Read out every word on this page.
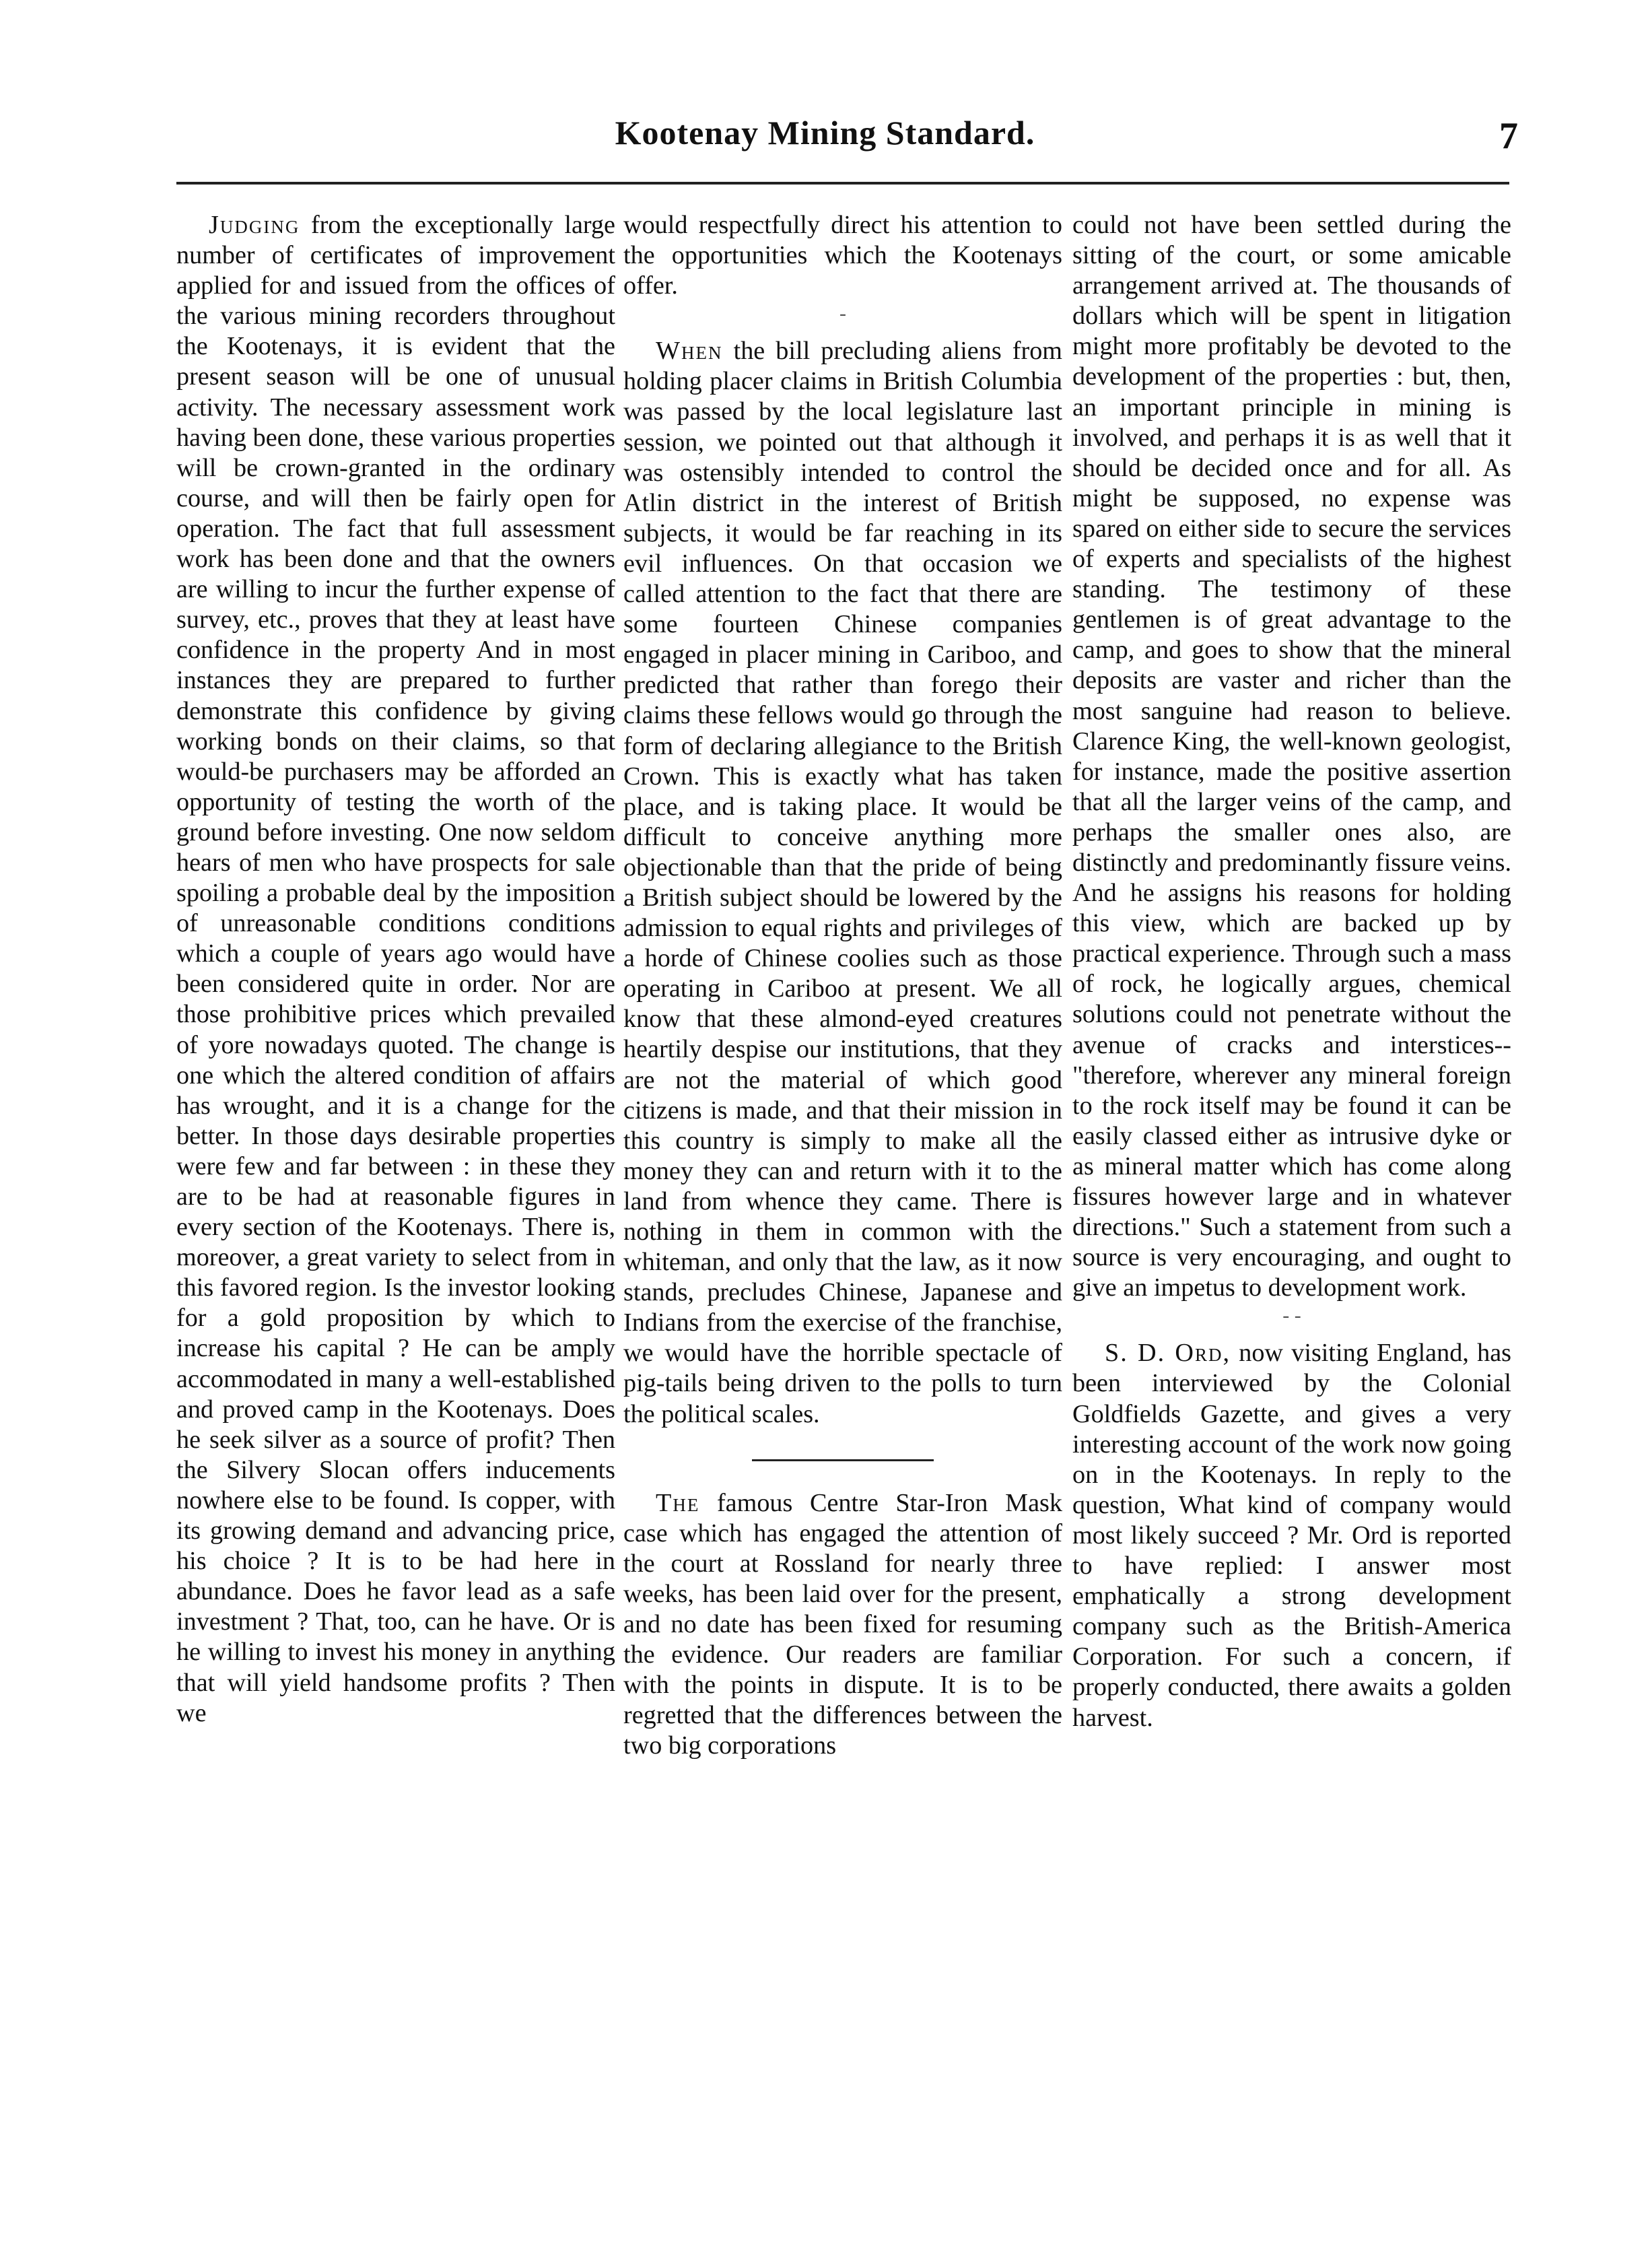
Kootenay Mining Standard.	7

Judging from the exceptionally large number of certificates of improvement applied for and issued from the offices of the various mining recorders throughout the Kootenays, it is evident that the present season will be one of unusual activity. The necessary assessment work having been done, these various properties will be crown-granted in the ordinary course, and will then be fairly open for operation. The fact that full assessment work has been done and that the owners are willing to incur the further expense of survey, etc., proves that they at least have confidence in the property And in most instances they are prepared to further demonstrate this confidence by giving working bonds on their claims, so that would-be purchasers may be afforded an opportunity of testing the worth of the ground before investing. One now seldom hears of men who have prospects for sale spoiling a probable deal by the imposition of unreasonable conditions conditions which a couple of years ago would have been considered quite in order. Nor are those prohibitive prices which prevailed of yore nowadays quoted. The change is one which the altered condition of affairs has wrought, and it is a change for the better. In those days desirable properties were few and far between : in these they are to be had at reasonable figures in every section of the Kootenays. There is, moreover, a great variety to select from in this favored region. Is the investor looking for a gold proposition by which to increase his capital ? He can be amply accommodated in many a well-established and proved camp in the Kootenays. Does he seek silver as a source of profit? Then the Silvery Slocan offers inducements nowhere else to be found. Is copper, with its growing demand and advancing price, his choice ? It is to be had here in abundance. Does he favor lead as a safe investment ? That, too, can he have. Or is he willing to invest his money in anything that will yield handsome profits ? Then we

would respectfully direct his attention to the opportunities which the Kootenays offer.

-

When the bill precluding aliens from holding placer claims in British Columbia was passed by the local legislature last session, we pointed out that although it was ostensibly intended to control the Atlin district in the interest of British subjects, it would be far reaching in its evil influences. On that occasion we called attention to the fact that there are some fourteen Chinese companies engaged in placer mining in Cariboo, and predicted that rather than forego their claims these fellows would go through the form of declaring allegiance to the British Crown. This is exactly what has taken place, and is taking place. It would be difficult to conceive anything more objectionable than that the pride of being a British subject should be lowered by the admission to equal rights and privileges of a horde of Chinese coolies such as those operating in Cariboo at present. We all know that these almond-eyed creatures heartily despise our institutions, that they are not the material of which good citizens is made, and that their mission in this country is simply to make all the money they can and return with it to the land from whence they came. There is nothing in them in common with the whiteman, and only that the law, as it now stands, precludes Chinese, Japanese and Indians from the exercise of the franchise, we would have the horrible spectacle of pig-tails being driven to the polls to turn the political scales.

The famous Centre Star-Iron Mask case which has engaged the attention of the court at Rossland for nearly three weeks, has been laid over for the present, and no date has been fixed for resuming the evidence. Our readers are familiar with the points in dispute. It is to be regretted that the differences between the two big corporations

could not have been settled during the sitting of the court, or some amicable arrangement arrived at. The thousands of dollars which will be spent in litigation might more profitably be devoted to the development of the properties : but, then, an important principle in mining is involved, and perhaps it is as well that it should be decided once and for all. As might be supposed, no expense was spared on either side to secure the services of experts and specialists of the highest standing. The testimony of these gentlemen is of great advantage to the camp, and goes to show that the mineral deposits are vaster and richer than the most sanguine had reason to believe. Clarence King, the well-known geologist, for instance, made the positive assertion that all the larger veins of the camp, and perhaps the smaller ones also, are distinctly and predominantly fissure veins. And he assigns his reasons for holding this view, which are backed up by practical experience. Through such a mass of rock, he logically argues, chemical solutions could not penetrate without the avenue of cracks and interstices-- "therefore, wherever any mineral foreign to the rock itself may be found it can be easily classed either as intrusive dyke or as mineral matter which has come along fissures however large and in whatever directions." Such a statement from such a source is very encouraging, and ought to give an impetus to development work.

- -

S. D. Ord, now visiting England, has been interviewed by the Colonial Goldfields Gazette, and gives a very interesting account of the work now going on in the Kootenays. In reply to the question, What kind of company would most likely succeed ? Mr. Ord is reported to have replied: I answer most emphatically a strong development company such as the British-America Corporation. For such a concern, if properly conducted, there awaits a golden harvest.
